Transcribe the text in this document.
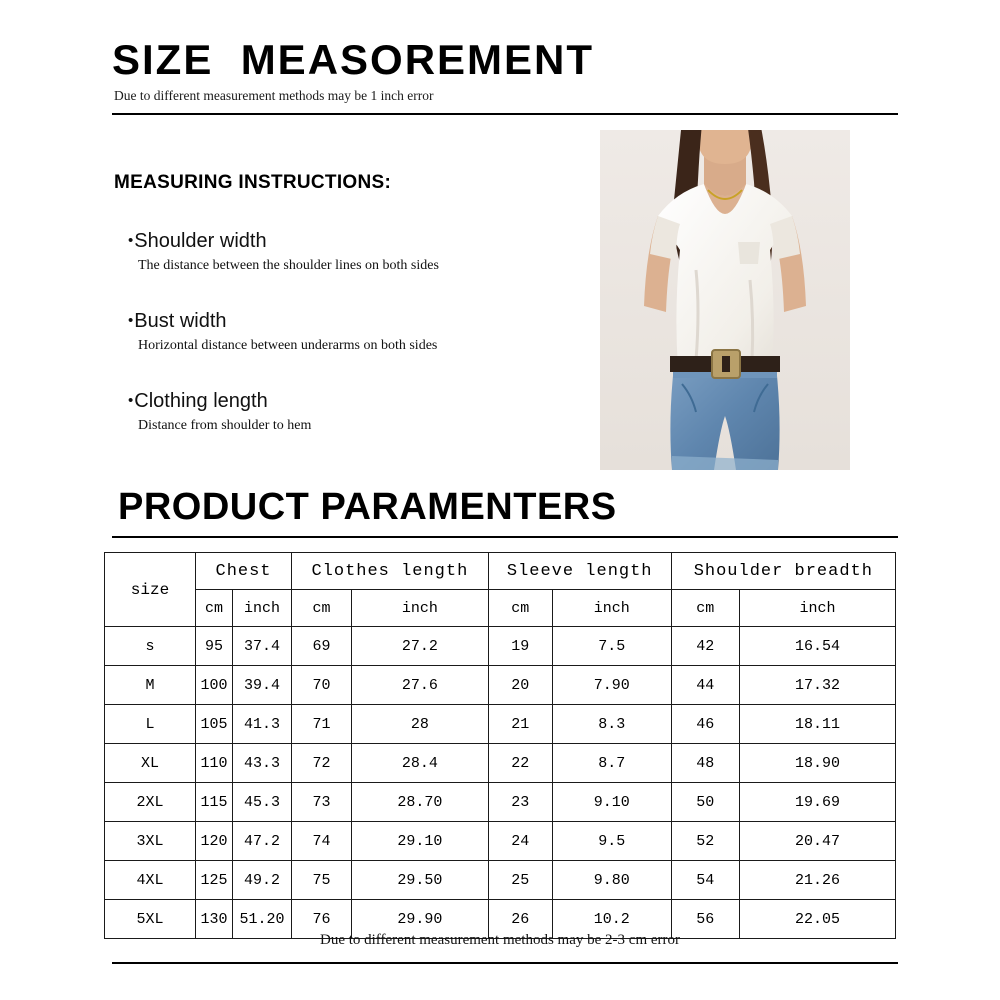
SIZE  MEASOREMENT
Due to different measurement methods may be 1 inch error
MEASURING INSTRUCTIONS:
•Shoulder width
The distance between the shoulder lines on both sides
•Bust width
Horizontal distance between underarms on both sides
•Clothing length
Distance from shoulder to hem
PRODUCT PARAMENTERS
size	Chest		Clothes length		Sleeve length		Shoulder breadth	
	cm	inch	cm	inch	cm	inch	cm	inch
s	95	37.4	69	27.2	19	7.5	42	16.54
M	100	39.4	70	27.6	20	7.90	44	17.32
L	105	41.3	71	28	21	8.3	46	18.11
XL	110	43.3	72	28.4	22	8.7	48	18.90
2XL	115	45.3	73	28.70	23	9.10	50	19.69
3XL	120	47.2	74	29.10	24	9.5	52	20.47
4XL	125	49.2	75	29.50	25	9.80	54	21.26
5XL	130	51.20	76	29.90	26	10.2	56	22.05
Due to different measurement methods may be 2-3 cm error
